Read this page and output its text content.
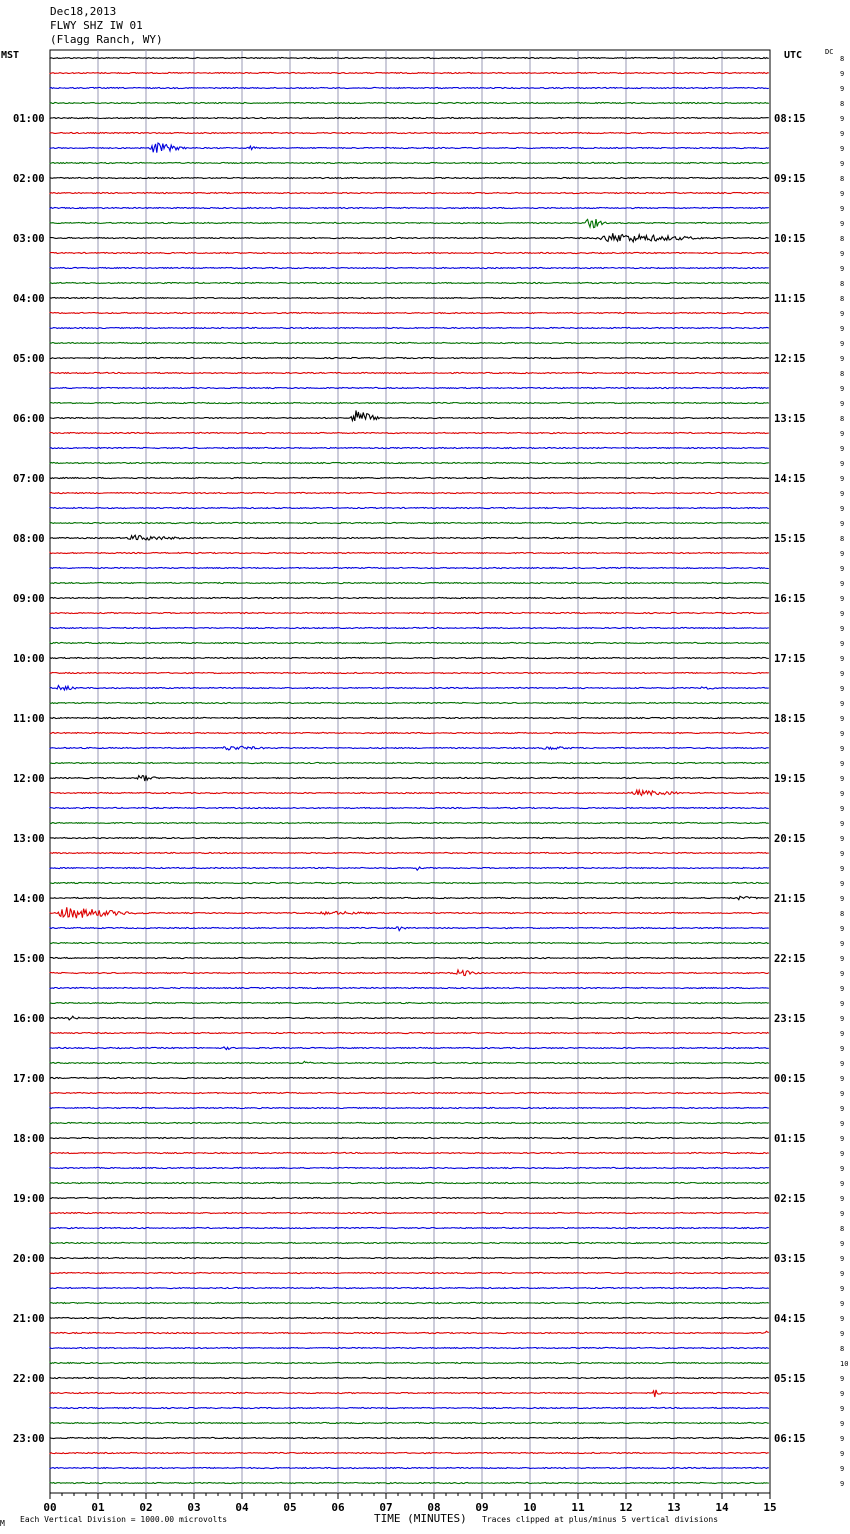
Dec18,2013
FLWY SHZ IW 01
(Flagg Ranch, WY)
MST	UTC	DC
8
9
9
8
9
9
9
9
8
9
9
9
8
9
9
8
8
9
9
9
9
8
9
9
8
9
9
9
9
9
9
9
8
9
9
9
9
9
9
9
9
9
9
9
9
9
9
9
9
9
9
9
9
9
9
9
9
8
9
9
9
9
9
9
9
9
9
9
9
9
9
9
9
9
9
9
9
9
8
9
9
9
9
9
9
9
8
10
9
9
9
9
9
9
9
9
01:00	08:15
02:00	09:15
03:00	10:15
04:00	11:15
05:00	12:15
06:00	13:15
07:00	14:15
08:00	15:15
09:00	16:15
10:00	17:15
11:00	18:15
12:00	19:15
13:00	20:15
14:00	21:15
15:00	22:15
16:00	23:15
17:00	00:15
18:00	01:15
19:00	02:15
20:00	03:15
21:00	04:15
22:00	05:15
23:00	06:15
00	01	02	03	04	05	06	07	08	09	10	11	12	13	14	15
M Each Vertical Division = 1000.00 microvolts	TIME (MINUTES) Traces clipped at plus/minus 5 vertical divisions
